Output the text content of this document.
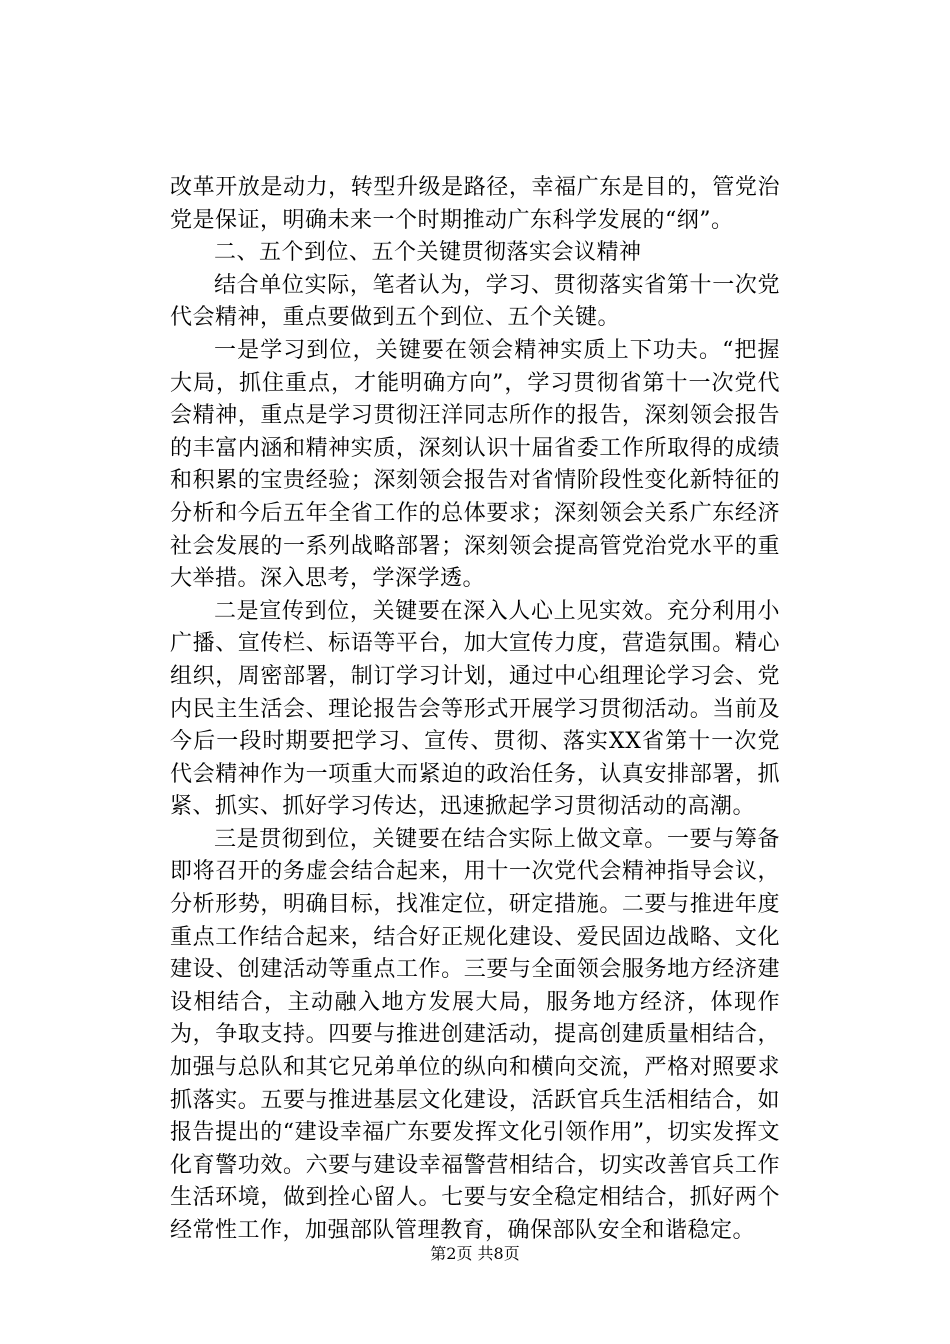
改革开放是动力，转型升级是路径，幸福广东是目的，管党治党是保证，明确未来一个时期推动广东科学发展的“纲”。

二、五个到位、五个关键贯彻落实会议精神

结合单位实际，笔者认为，学习、贯彻落实省第十一次党代会精神，重点要做到五个到位、五个关键。

一是学习到位，关键要在领会精神实质上下功夫。“把握大局，抓住重点，才能明确方向”，学习贯彻省第十一次党代会精神，重点是学习贯彻汪洋同志所作的报告，深刻领会报告的丰富内涵和精神实质，深刻认识十届省委工作所取得的成绩和积累的宝贵经验；深刻领会报告对省情阶段性变化新特征的分析和今后五年全省工作的总体要求；深刻领会关系广东经济社会发展的一系列战略部署；深刻领会提高管党治党水平的重大举措。深入思考，学深学透。

二是宣传到位，关键要在深入人心上见实效。充分利用小广播、宣传栏、标语等平台，加大宣传力度，营造氛围。精心组织，周密部署，制订学习计划，通过中心组理论学习会、党内民主生活会、理论报告会等形式开展学习贯彻活动。当前及今后一段时期要把学习、宣传、贯彻、落实XX省第十一次党代会精神作为一项重大而紧迫的政治任务，认真安排部署，抓紧、抓实、抓好学习传达，迅速掀起学习贯彻活动的高潮。

三是贯彻到位，关键要在结合实际上做文章。一要与筹备即将召开的务虚会结合起来，用十一次党代会精神指导会议，分析形势，明确目标，找准定位，研定措施。二要与推进年度重点工作结合起来，结合好正规化建设、爱民固边战略、文化建设、创建活动等重点工作。三要与全面领会服务地方经济建设相结合，主动融入地方发展大局，服务地方经济，体现作为，争取支持。四要与推进创建活动，提高创建质量相结合，加强与总队和其它兄弟单位的纵向和横向交流，严格对照要求抓落实。五要与推进基层文化建设，活跃官兵生活相结合，如报告提出的“建设幸福广东要发挥文化引领作用”，切实发挥文化育警功效。六要与建设幸福警营相结合，切实改善官兵工作生活环境，做到拴心留人。七要与安全稳定相结合，抓好两个经常性工作，加强部队管理教育，确保部队安全和谐稳定。

第2页 共8页
